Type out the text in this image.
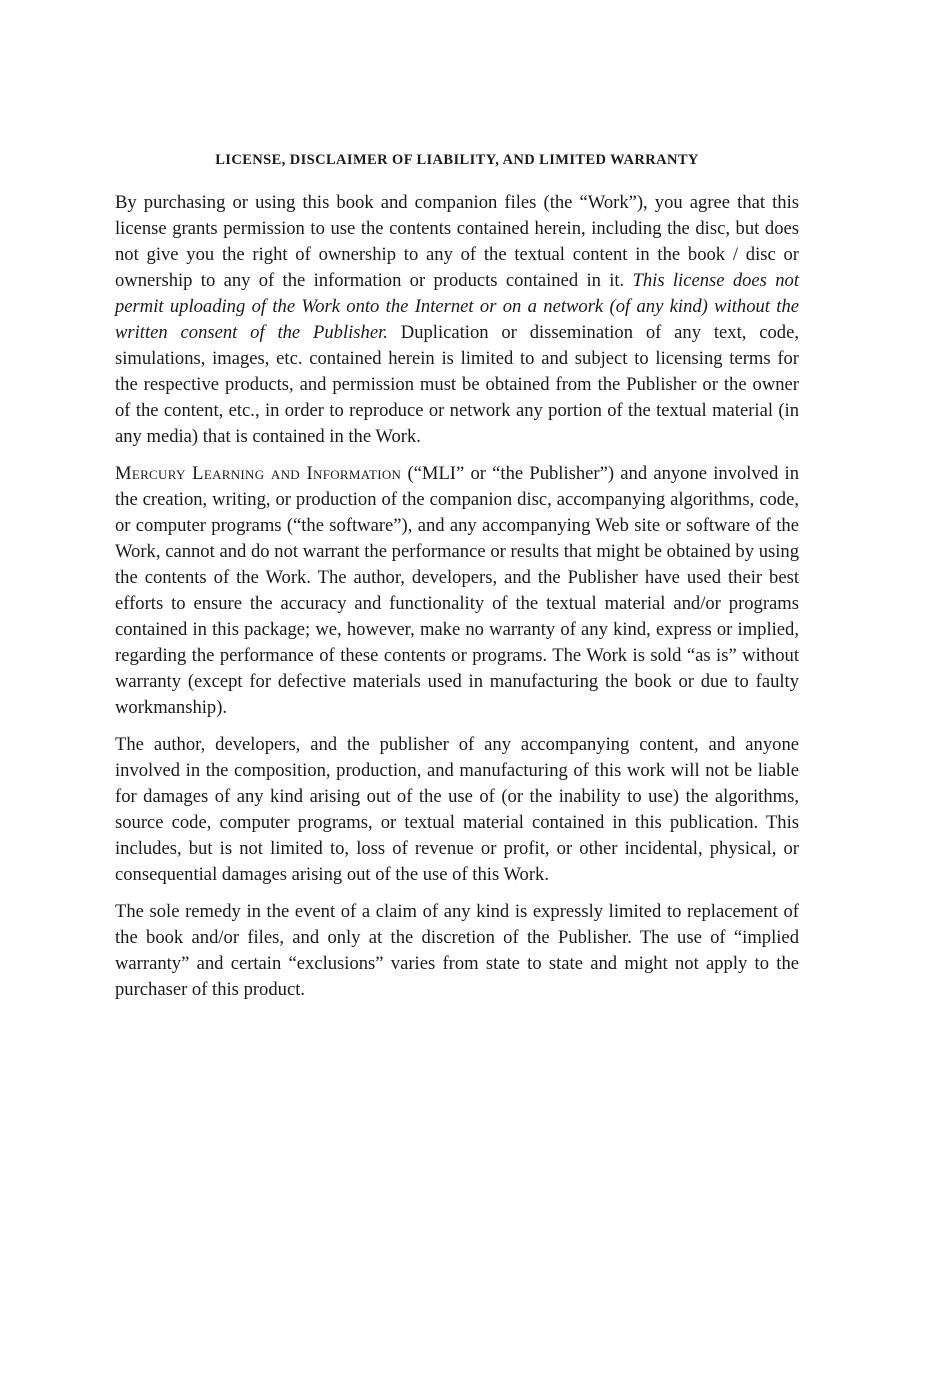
LICENSE, DISCLAIMER OF LIABILITY, AND LIMITED WARRANTY

By purchasing or using this book and companion files (the “Work”), you agree that this license grants permission to use the contents contained herein, including the disc, but does not give you the right of ownership to any of the textual content in the book / disc or ownership to any of the information or products contained in it. This license does not permit uploading of the Work onto the Internet or on a network (of any kind) without the written consent of the Publisher. Duplication or dissemination of any text, code, simulations, images, etc. contained herein is limited to and subject to licensing terms for the respective products, and permission must be obtained from the Publisher or the owner of the content, etc., in order to reproduce or network any portion of the textual material (in any media) that is contained in the Work.

Mercury Learning and Information (“MLI” or “the Publisher”) and anyone involved in the creation, writing, or production of the companion disc, accompanying algorithms, code, or computer programs (“the software”), and any accompanying Web site or software of the Work, cannot and do not warrant the performance or results that might be obtained by using the contents of the Work. The author, developers, and the Publisher have used their best efforts to ensure the accuracy and functionality of the textual material and/or programs contained in this package; we, however, make no warranty of any kind, express or implied, regarding the performance of these contents or programs. The Work is sold “as is” without warranty (except for defective materials used in manufacturing the book or due to faulty workmanship).

The author, developers, and the publisher of any accompanying content, and anyone involved in the composition, production, and manufacturing of this work will not be liable for damages of any kind arising out of the use of (or the inability to use) the algorithms, source code, computer programs, or textual material contained in this publication. This includes, but is not limited to, loss of revenue or profit, or other incidental, physical, or consequential damages arising out of the use of this Work.

The sole remedy in the event of a claim of any kind is expressly limited to replacement of the book and/or files, and only at the discretion of the Publisher. The use of “implied warranty” and certain “exclusions” varies from state to state and might not apply to the purchaser of this product.
